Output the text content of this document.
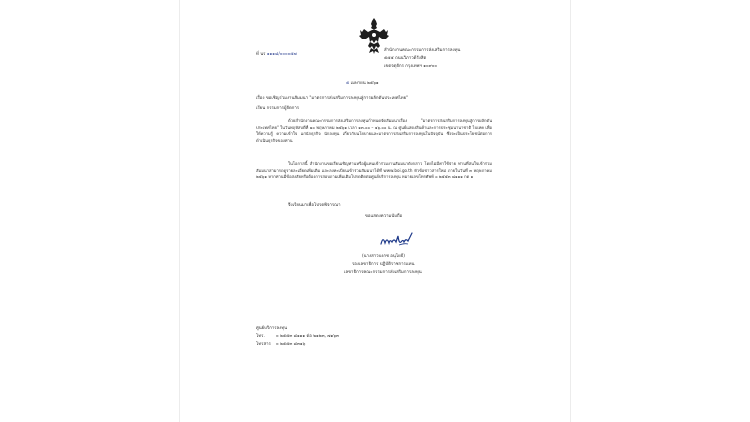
ที่ นร ๑๑๑๘/๐๐๐๐๕๗
สำนักงานคณะกรรมการส่งเสริมการลงทุน
๕๕๕ ถนนวิภาวดีรังสิต
เขตจตุจักร กรุงเทพฯ ๑๐๙๐๐
๕ เมษายน ๒๕๖๑
เรื่อง ขอเชิญร่วมงานสัมมนา "มาตรการส่งเสริมการลงทุนสู่การผลักดันประเทศไทย"
เรียน กรรมการผู้จัดการ
ด้วยสำนักงานคณะกรรมการส่งเสริมการลงทุนกำหนดจัดสัมมนาเรื่อง "มาตรการส่งเสริมการลงทุนสู่การผลักดันประเทศไทย" ในวันพฤหัสบดีที่ ๑๐ พฤษภาคม ๒๕๖๑ เวลา ๑๓.๐๐ – ๑๖.๐๐ น. ณ ศูนย์แสดงสินค้าและการประชุมนานาชาติ ไบเทค เพื่อให้ความรู้ ความเข้าใจ แก่นักธุรกิจ นักลงทุน เกี่ยวกับนโยบายและมาตรการส่งเสริมการลงทุนในปัจจุบัน ซึ่งจะเป็นประโยชน์ต่อการดำเนินธุรกิจของท่าน
ในโอกาสนี้ สำนักงานขอเรียนเชิญท่านหรือผู้แทนเข้าร่วมงานสัมมนาดังกล่าว โดยไม่มีค่าใช้จ่าย ท่านที่สนใจเข้าร่วมสัมมนาสามารถดูรายละเอียดเพิ่มเติม และลงทะเบียนเข้าร่วมสัมมนาได้ที่ www.boi.go.th หัวข้อข่าวสารใหม่ ภายในวันที่ ๓ พฤษภาคม ๒๕๖๑ หากท่านมีข้อสงสัยหรือต้องการสอบถามเพิ่มเติมโปรดติดต่อศูนย์บริการลงทุน หมายเลขโทรศัพท์ ๐ ๒๕๕๓ ๘๑๑๑ กด ๑
จึงเรียนมาเพื่อโปรดพิจารณา
ขอแสดงความนับถือ
(นางสาวบงกช อนุโยธี)
รองเลขาธิการ ปฏิบัติราชการแทน
เลขาธิการคณะกรรมการส่งเสริมการลงทุน
ศูนย์บริการลงทุน
โทร.	๐ ๒๕๕๓ ๘๑๑๑ ต่อ ๒๑๒๓, ๗๑๖๓
โทรสาร ๐ ๒๕๕๓ ๘๓๑๖
